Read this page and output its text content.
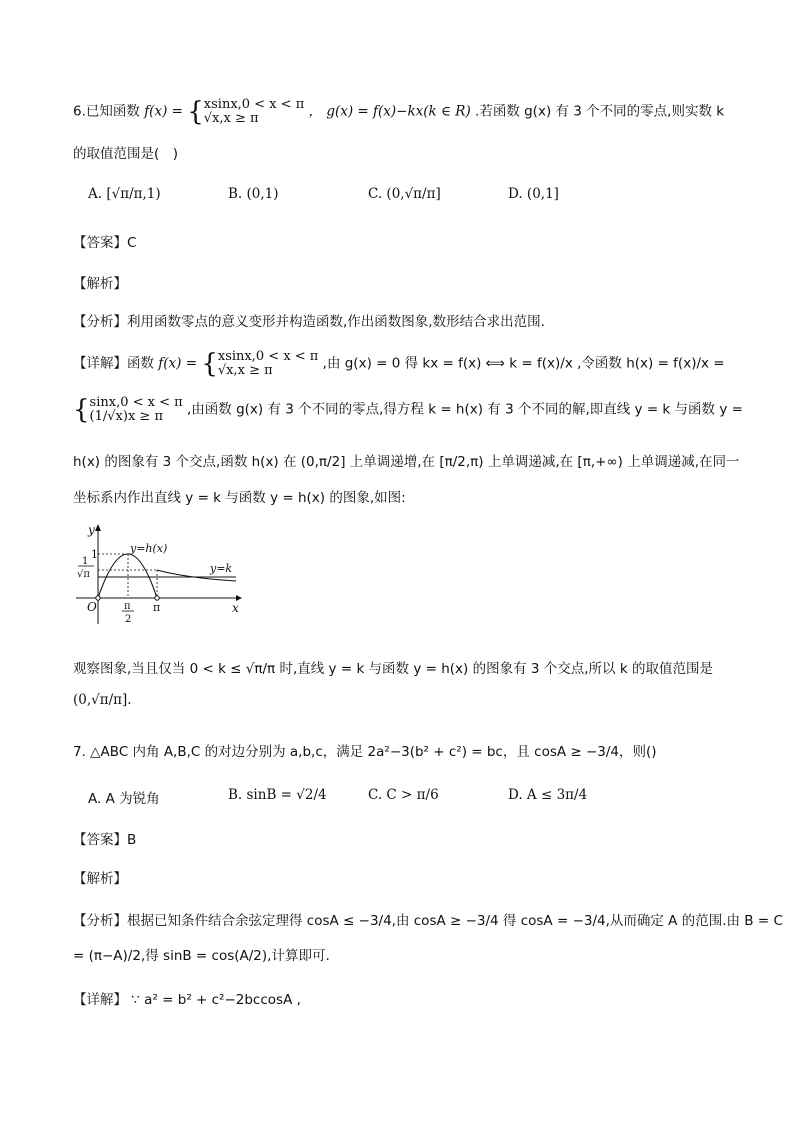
6.已知函数 f(x) = { xsinx,0 < x < π
√x,x ≥ π	， g(x) = f(x)−kx(k ∈ R) .若函数 g(x) 有 3 个不同的零点,则实数 k
的取值范围是(　)
A. [√π/π,1)	B. (0,1)	C. (0,√π/π]	D. (0,1]
【答案】C
【解析】
【分析】利用函数零点的意义变形并构造函数,作出函数图象,数形结合求出范围.
【详解】函数 f(x) = { xsinx,0 < x < π
√x,x ≥ π	,由 g(x) = 0 得 kx = f(x) ⟺ k = f(x)/x ,令函数 h(x) = f(x)/x =
{ sinx,0 < x < π
(1/√x)x ≥ π	,由函数 g(x) 有 3 个不同的零点,得方程 k = h(x) 有 3 个不同的解,即直线 y = k 与函数 y =
h(x) 的图象有 3 个交点,函数 h(x) 在 (0,π/2] 上单调递增,在 [π/2,π) 上单调递减,在 [π,+∞) 上单调递减,在同一
坐标系内作出直线 y = k 与函数 y = h(x) 的图象,如图:
y
x
O
1
1
√π
y=h(x)
y=k
π
2
π
观察图象,当且仅当 0 < k ≤ √π/π 时,直线 y = k 与函数 y = h(x) 的图象有 3 个交点,所以 k 的取值范围是
(0,√π/π].
7. △ABC 内角 A,B,C 的对边分别为 a,b,c，满足 2a²−3(b² + c²) = bc，且 cosA ≥ −3/4，则()
A. A 为锐角	B. sinB = √2/4	C. C > π/6	D. A ≤ 3π/4
【答案】B
【解析】
【分析】根据已知条件结合余弦定理得 cosA ≤ −3/4,由 cosA ≥ −3/4 得 cosA = −3/4,从而确定 A 的范围.由 B = C
= (π−A)/2,得 sinB = cos(A/2),计算即可.
【详解】 ∵ a² = b² + c²−2bccosA ,
